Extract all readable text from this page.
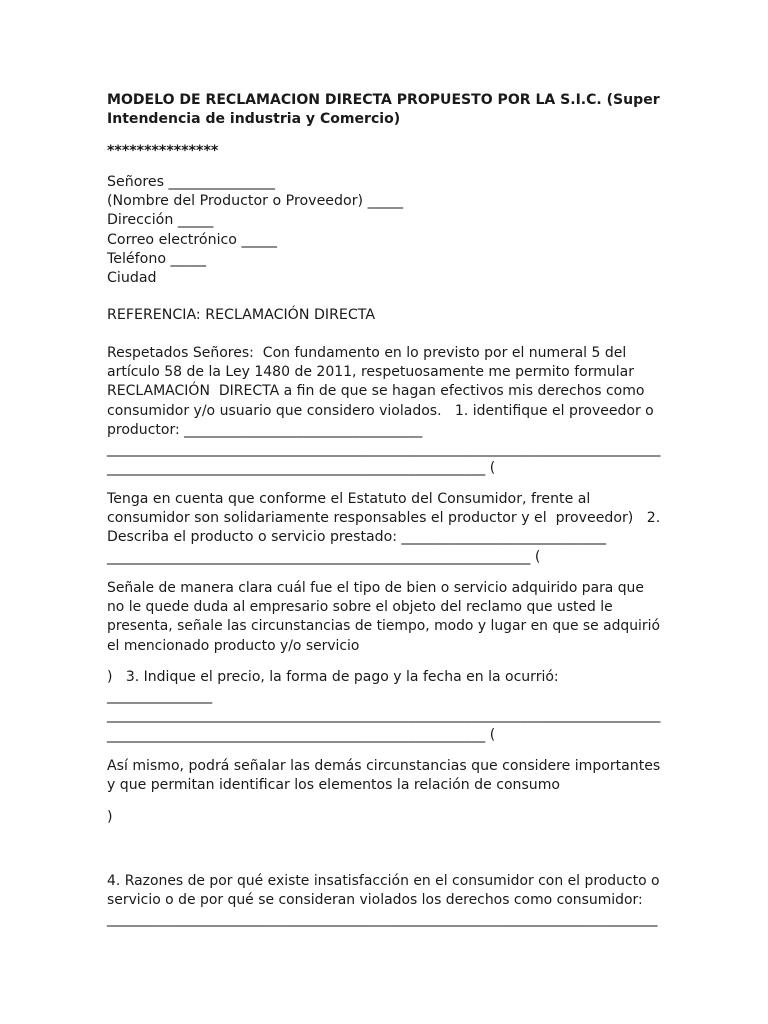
MODELO DE RECLAMACION DIRECTA PROPUESTO POR LA S.I.C. (Super
Intendencia de industria y Comercio)
***************
Señores _______________
(Nombre del Productor o Proveedor) _____
Dirección _____
Correo electrónico _____
Teléfono _____
Ciudad
REFERENCIA: RECLAMACIÓN DIRECTA
Respetados Señores:  Con fundamento en lo previsto por el numeral 5 del
artículo 58 de la Ley 1480 de 2011, respetuosamente me permito formular
RECLAMACIÓN  DIRECTA a fin de que se hagan efectivos mis derechos como
consumidor y/o usuario que considero violados.   1. identifique el proveedor o
productor: __________________________________
_______________________________________________________________________________
______________________________________________________ (
Tenga en cuenta que conforme el Estatuto del Consumidor, frente al
consumidor son solidariamente responsables el productor y el  proveedor)   2.
Describa el producto o servicio prestado: _____________________________
____________________________________________________________ (
Señale de manera clara cuál fue el tipo de bien o servicio adquirido para que
no le quede duda al empresario sobre el objeto del reclamo que usted le
presenta, señale las circunstancias de tiempo, modo y lugar en que se adquirió
el mencionado producto y/o servicio
)   3. Indique el precio, la forma de pago y la fecha en la ocurrió:
_______________
_______________________________________________________________________________
______________________________________________________ (
Así mismo, podrá señalar las demás circunstancias que considere importantes
y que permitan identificar los elementos la relación de consumo
)
4. Razones de por qué existe insatisfacción en el consumidor con el producto o
servicio o de por qué se consideran violados los derechos como consumidor:
_______________________________________________________________________________
